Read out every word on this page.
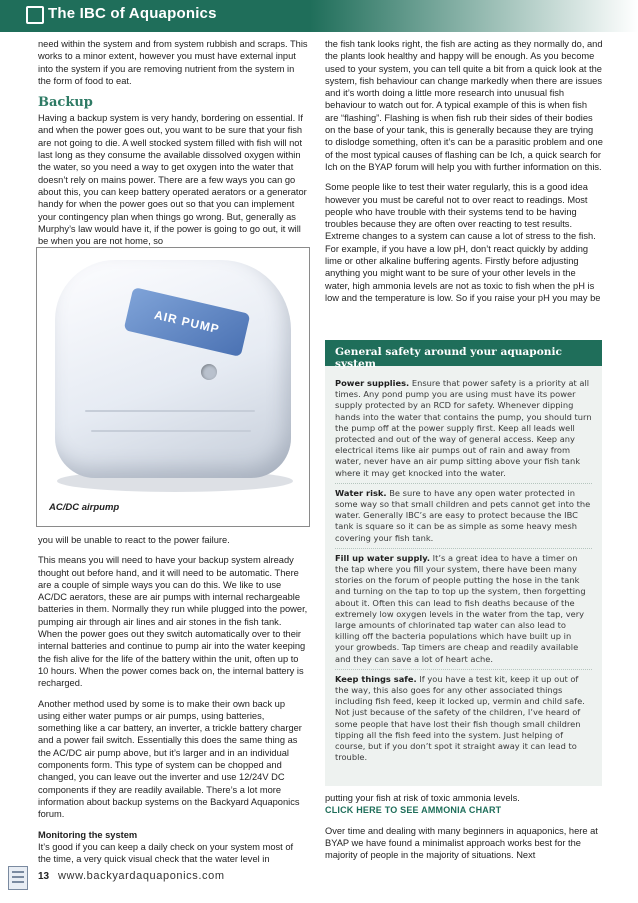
The IBC of Aquaponics

need within the system and from system rubbish and scraps. This works to a minor extent, however you must have external input into the system if you are removing nutrient from the system in the form of food to eat.

Backup

Having a backup system is very handy, bordering on essential. If and when the power goes out, you want to be sure that your fish are not going to die. A well stocked system filled with fish will not last long as they consume the available dissolved oxygen within the water, so you need a way to get oxygen into the water that doesn’t rely on mains power. There are a few ways you can go about this, you can keep battery operated aerators or a generator handy for when the power goes out so that you can implement your contingency plan when things go wrong. But, generally as Murphy’s law would have it, if the power is going to go out, it will be when you are not home, so

AIR PUMP
AC/DC airpump

you will be unable to react to the power failure.

This means you will need to have your backup system already thought out before hand, and it will need to be automatic. There are a couple of simple ways you can do this. We like to use AC/DC aerators, these are air pumps with internal rechargeable batteries in them. Normally they run while plugged into the power, pumping air through air lines and air stones in the fish tank. When the power goes out they switch automatically over to their internal batteries and continue to pump air into the water keeping the fish alive for the life of the battery within the unit, often up to 10 hours. When the power comes back on, the internal battery is recharged.

Another method used by some is to make their own back up using either water pumps or air pumps, using batteries, something like a car battery, an inverter, a trickle battery charger and a power fail switch. Essentially this does the same thing as the AC/DC air pump above, but it’s larger and in an individual components form. This type of system can be chopped and changed, you can leave out the inverter and use 12/24V DC components if they are readily available. There’s a lot more information about backup systems on the Backyard Aquaponics forum.

Monitoring the system

It’s good if you can keep a daily check on your system most of the time, a very quick visual check that the water level in

the fish tank looks right, the fish are acting as they normally do, and the plants look healthy and happy will be enough. As you become used to your system, you can tell quite a bit from a quick look at the system, fish behaviour can change markedly when there are issues and it’s worth doing a little more research into unusual fish behaviour to watch out for. A typical example of this is when fish are “flashing”. Flashing is when fish rub their sides of their bodies on the base of your tank, this is generally because they are trying to dislodge something, often it’s can be a parasitic problem and one of the most typical causes of flashing can be Ich, a quick search for Ich on the BYAP forum will help you with further information on this.

Some people like to test their water regularly, this is a good idea however you must be careful not to over react to readings. Most people who have trouble with their systems tend to be having troubles because they are often over reacting to test results. Extreme changes to a system can cause a lot of stress to the fish. For example, if you have a low pH, don’t react quickly by adding lime or other alkaline buffering agents. Firstly before adjusting anything you might want to be sure of your other levels in the water, high ammonia levels are not as toxic to fish when the pH is low and the temperature is low. So if you raise your pH you may be

General safety around your aquaponic system

Power supplies. Ensure that power safety is a priority at all times. Any pond pump you are using must have its power supply protected by an RCD for safety. Whenever dipping hands into the water that contains the pump, you should turn the pump off at the power supply first. Keep all leads well protected and out of the way of general access. Keep any electrical items like air pumps out of rain and away from water, never have an air pump sitting above your fish tank where it may get knocked into the water.

Water risk. Be sure to have any open water protected in some way so that small children and pets cannot get into the water. Generally IBC’s are easy to protect because the IBC tank is square so it can be as simple as some heavy mesh covering your fish tank.

Fill up water supply. It’s a great idea to have a timer on the tap where you fill your system, there have been many stories on the forum of people putting the hose in the tank and turning on the tap to top up the system, then forgetting about it. Often this can lead to fish deaths because of the extremely low oxygen levels in the water from the tap, very large amounts of chlorinated tap water can also lead to killing off the bacteria populations which have built up in your growbeds. Tap timers are cheap and readily available and they can save a lot of heart ache.

Keep things safe. If you have a test kit, keep it up out of the way, this also goes for any other associated things including fish feed, keep it locked up, vermin and child safe. Not just because of the safety of the children, I’ve heard of some people that have lost their fish though small children tipping all the fish feed into the system. Just helping of course, but if you don’t spot it straight away it can lead to trouble.

putting your fish at risk of toxic ammonia levels.

CLICK HERE TO SEE AMMONIA CHART

Over time and dealing with many beginners in aquaponics, here at BYAP we have found a minimalist approach works best for the majority of people in the majority of situations. Next

13 www.backyardaquaponics.com
